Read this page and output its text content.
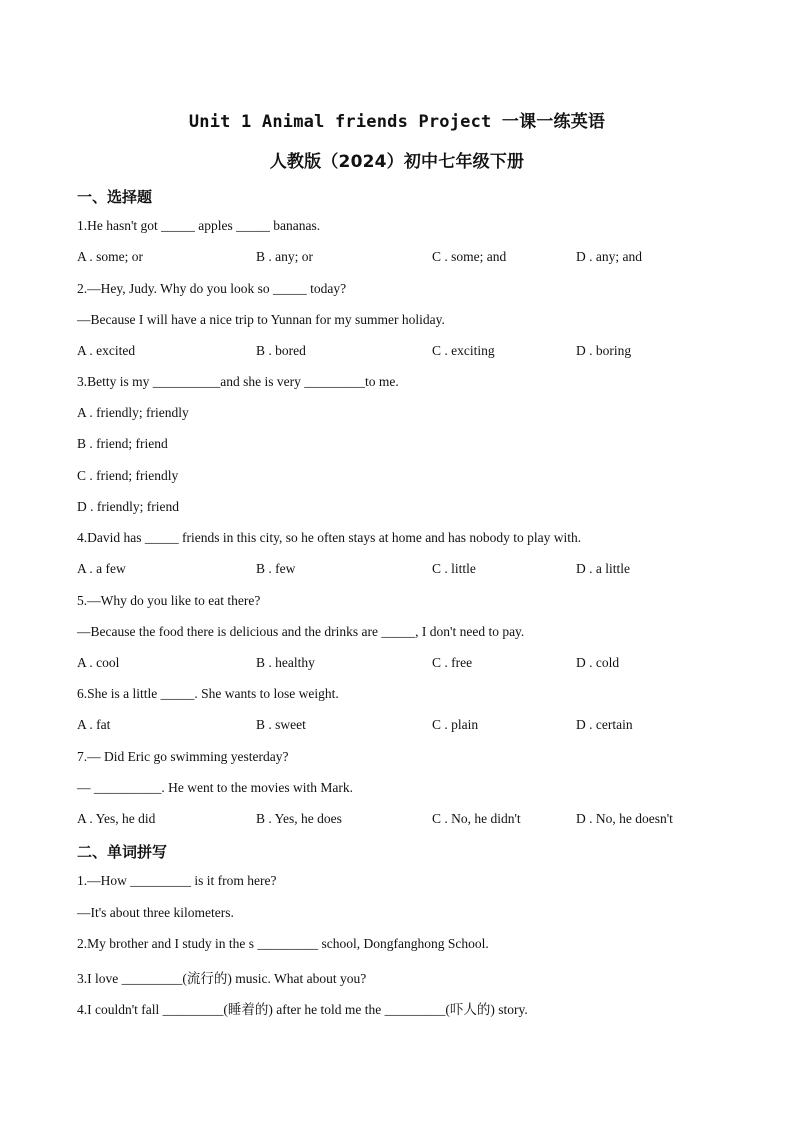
Unit 1 Animal friends Project 一课一练英语
人教版（2024）初中七年级下册
一、选择题
1.He hasn't got _____ apples _____ bananas.
A . some; or	B . any; or	C . some; and	D . any; and
2.—Hey, Judy. Why do you look so _____ today?
—Because I will have a nice trip to Yunnan for my summer holiday.
A . excited	B . bored	C . exciting	D . boring
3.Betty is my __________and she is very _________to me.
A . friendly; friendly
B . friend; friend
C . friend; friendly
D . friendly; friend
4.David has _____ friends in this city, so he often stays at home and has nobody to play with.
A . a few	B . few	C . little	D . a little
5.—Why do you like to eat there?
—Because the food there is delicious and the drinks are _____, I don't need to pay.
A . cool	B . healthy	C . free	D . cold
6.She is a little _____. She wants to lose weight.
A . fat	B . sweet	C . plain	D . certain
7.— Did Eric go swimming yesterday?
— __________. He went to the movies with Mark.
A . Yes, he did	B . Yes, he does	C . No, he didn't	D . No, he doesn't
二、单词拼写
1.—How _________ is it from here?
—It's about three kilometers.
2.My brother and I study in the s _________ school, Dongfanghong School.
3.I love _________(流行的) music. What about you?
4.I couldn't fall _________(睡着的) after he told me the _________(吓人的) story.
